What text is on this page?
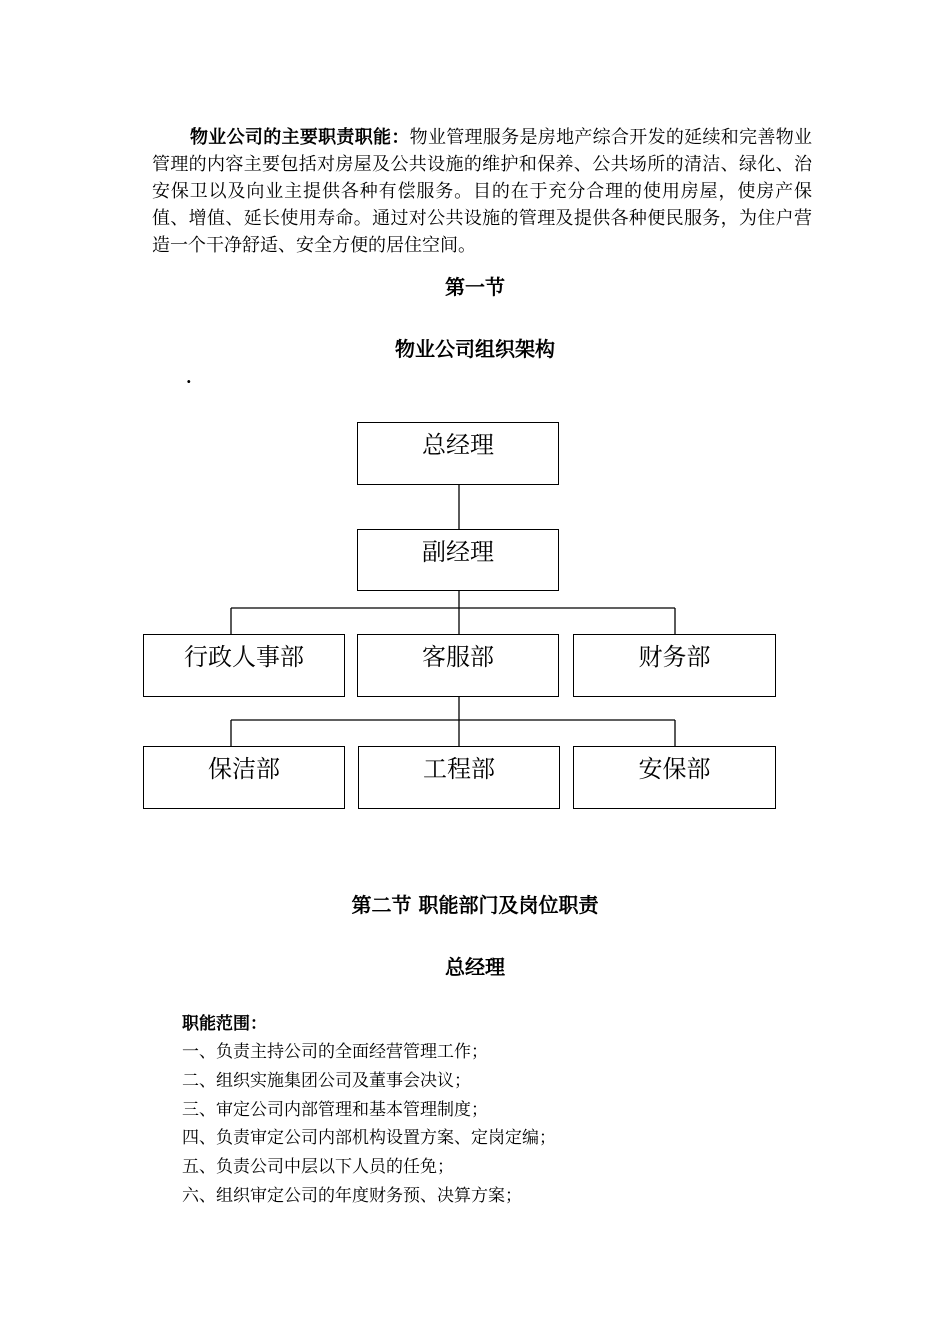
物业公司的主要职责职能：物业管理服务是房地产综合开发的延续和完善物业管理的内容主要包括对房屋及公共设施的维护和保养、公共场所的清洁、绿化、治安保卫以及向业主提供各种有偿服务。目的在于充分合理的使用房屋，使房产保值、增值、延长使用寿命。通过对公共设施的管理及提供各种便民服务，为住户营造一个干净舒适、安全方便的居住空间。
第一节
物业公司组织架构
·
总经理
副经理
行政人事部	客服部	财务部
保洁部	工程部	安保部
第二节 职能部门及岗位职责
总经理

职能范围：

一、负责主持公司的全面经营管理工作；
二、组织实施集团公司及董事会决议；
三、审定公司内部管理和基本管理制度；
四、负责审定公司内部机构设置方案、定岗定编；
五、负责公司中层以下人员的任免；
六、组织审定公司的年度财务预、决算方案；
